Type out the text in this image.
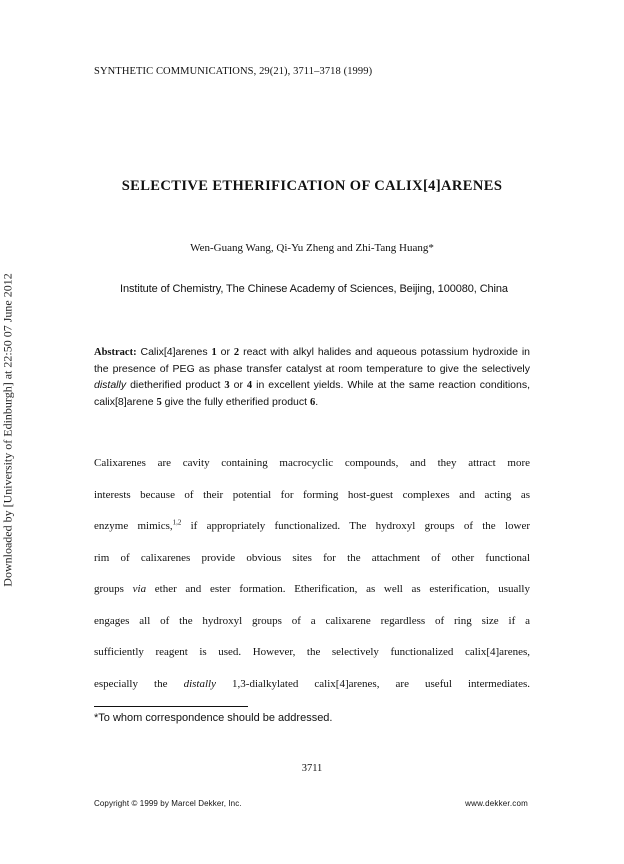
Downloaded by [University of Edinburgh] at 22:50 07 June 2012
SYNTHETIC COMMUNICATIONS, 29(21), 3711–3718 (1999)
SELECTIVE ETHERIFICATION OF CALIX[4]ARENES
Wen-Guang Wang, Qi-Yu Zheng and Zhi-Tang Huang*
Institute of Chemistry, The Chinese Academy of Sciences, Beijing, 100080, China
Abstract: Calix[4]arenes 1 or 2 react with alkyl halides and aqueous potassium hydroxide in the presence of PEG as phase transfer catalyst at room temperature to give the selectively distally dietherified product 3 or 4 in excellent yields. While at the same reaction conditions, calix[8]arene 5 give the fully etherified product 6.
Calixarenes are cavity containing macrocyclic compounds, and they attract more
interests because of their potential for forming host-guest complexes and acting as
enzyme mimics,$^{1,2}$ if appropriately functionalized. The hydroxyl groups of the lower
rim of calixarenes provide obvious sites for the attachment of other functional
groups via ether and ester formation. Etherification, as well as esterification, usually
engages all of the hydroxyl groups of a calixarene regardless of ring size if a
sufficiently reagent is used. However, the selectively functionalized calix[4]arenes,
especially the distally 1,3-dialkylated calix[4]arenes, are useful intermediates.
*To whom correspondence should be addressed.
3711
Copyright © 1999 by Marcel Dekker, Inc.	www.dekker.com
